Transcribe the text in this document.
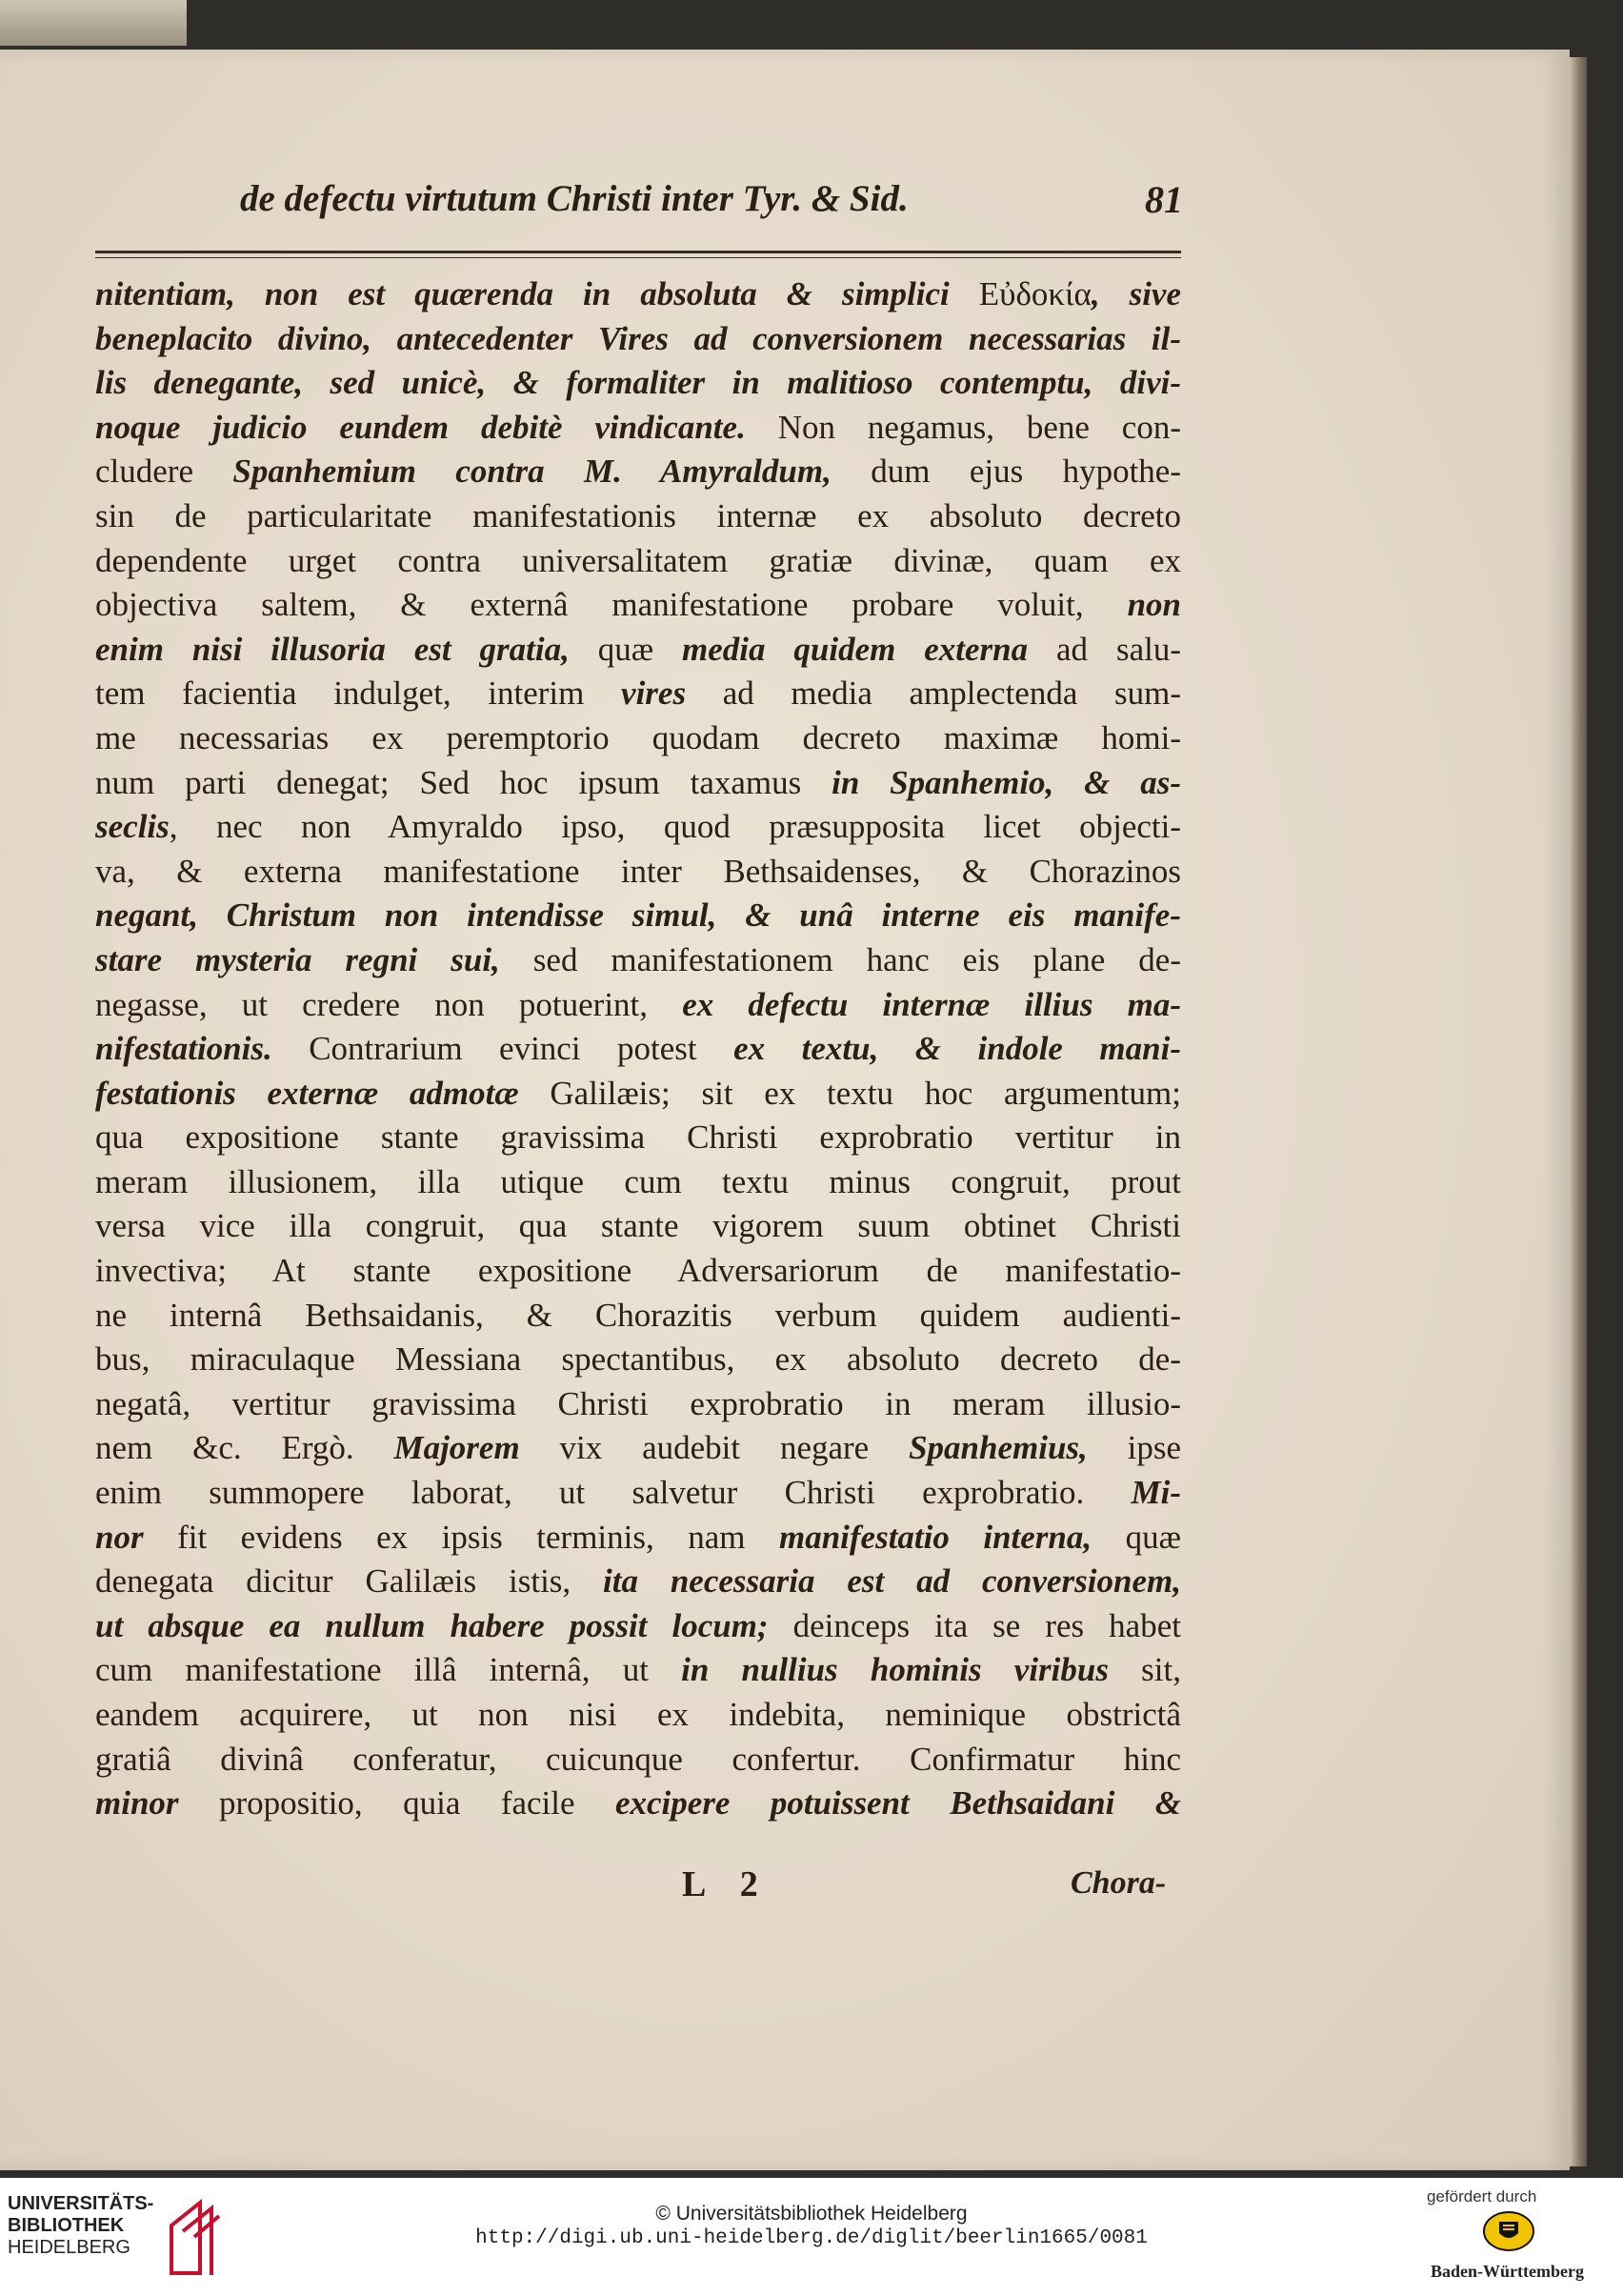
de defectu virtutum Christi inter Tyr. & Sid.	81
nitentiam, non est quærenda in absoluta & simplici Εὐδοκία, sive
beneplacito divino, antecedenter Vires ad conversionem necessarias il-
lis denegante, sed unicè, & formaliter in malitioso contemptu, divi-
noque judicio eundem debitè vindicante. Non negamus, bene con-
cludere Spanhemium contra M. Amyraldum, dum ejus hypothe-
sin de particularitate manifestationis internæ ex absoluto decreto
dependente urget contra universalitatem gratiæ divinæ, quam ex
objectiva saltem, & externâ manifestatione probare voluit, non
enim nisi illusoria est gratia, quæ media quidem externa ad salu-
tem facientia indulget, interim vires ad media amplectenda sum-
me necessarias ex peremptorio quodam decreto maximæ homi-
num parti denegat; Sed hoc ipsum taxamus in Spanhemio, & as-
seclis, nec non Amyraldo ipso, quod præsupposita licet objecti-
va, & externa manifestatione inter Bethsaidenses, & Chorazinos
negant, Christum non intendisse simul, & unâ interne eis manife-
stare mysteria regni sui, sed manifestationem hanc eis plane de-
negasse, ut credere non potuerint, ex defectu internæ illius ma-
nifestationis. Contrarium evinci potest ex textu, & indole mani-
festationis externæ admotæ Galilæis; sit ex textu hoc argumentum;
qua expositione stante gravissima Christi exprobratio vertitur in
meram illusionem, illa utique cum textu minus congruit, prout
versa vice illa congruit, qua stante vigorem suum obtinet Christi
invectiva; At stante expositione Adversariorum de manifestatio-
ne internâ Bethsaidanis, & Chorazitis verbum quidem audienti-
bus, miraculaque Messiana spectantibus, ex absoluto decreto de-
negatâ, vertitur gravissima Christi exprobratio in meram illusio-
nem &c. Ergò. Majorem vix audebit negare Spanhemius, ipse
enim summopere laborat, ut salvetur Christi exprobratio. Mi-
nor fit evidens ex ipsis terminis, nam manifestatio interna, quæ
denegata dicitur Galilæis istis, ita necessaria est ad conversionem,
ut absque ea nullum habere possit locum; deinceps ita se res habet
cum manifestatione illâ internâ, ut in nullius hominis viribus sit,
eandem acquirere, ut non nisi ex indebita, neminique obstrictâ
gratiâ divinâ conferatur, cuicunque confertur. Confirmatur hinc
minor propositio, quia facile excipere potuissent Bethsaidani &
L 2	Chora-
UNIVERSITÄTS-
BIBLIOTHEK
HEIDELBERG
© Universitätsbibliothek Heidelberg
http://digi.ub.uni-heidelberg.de/diglit/beerlin1665/0081
gefördert durch
Baden-Württemberg
